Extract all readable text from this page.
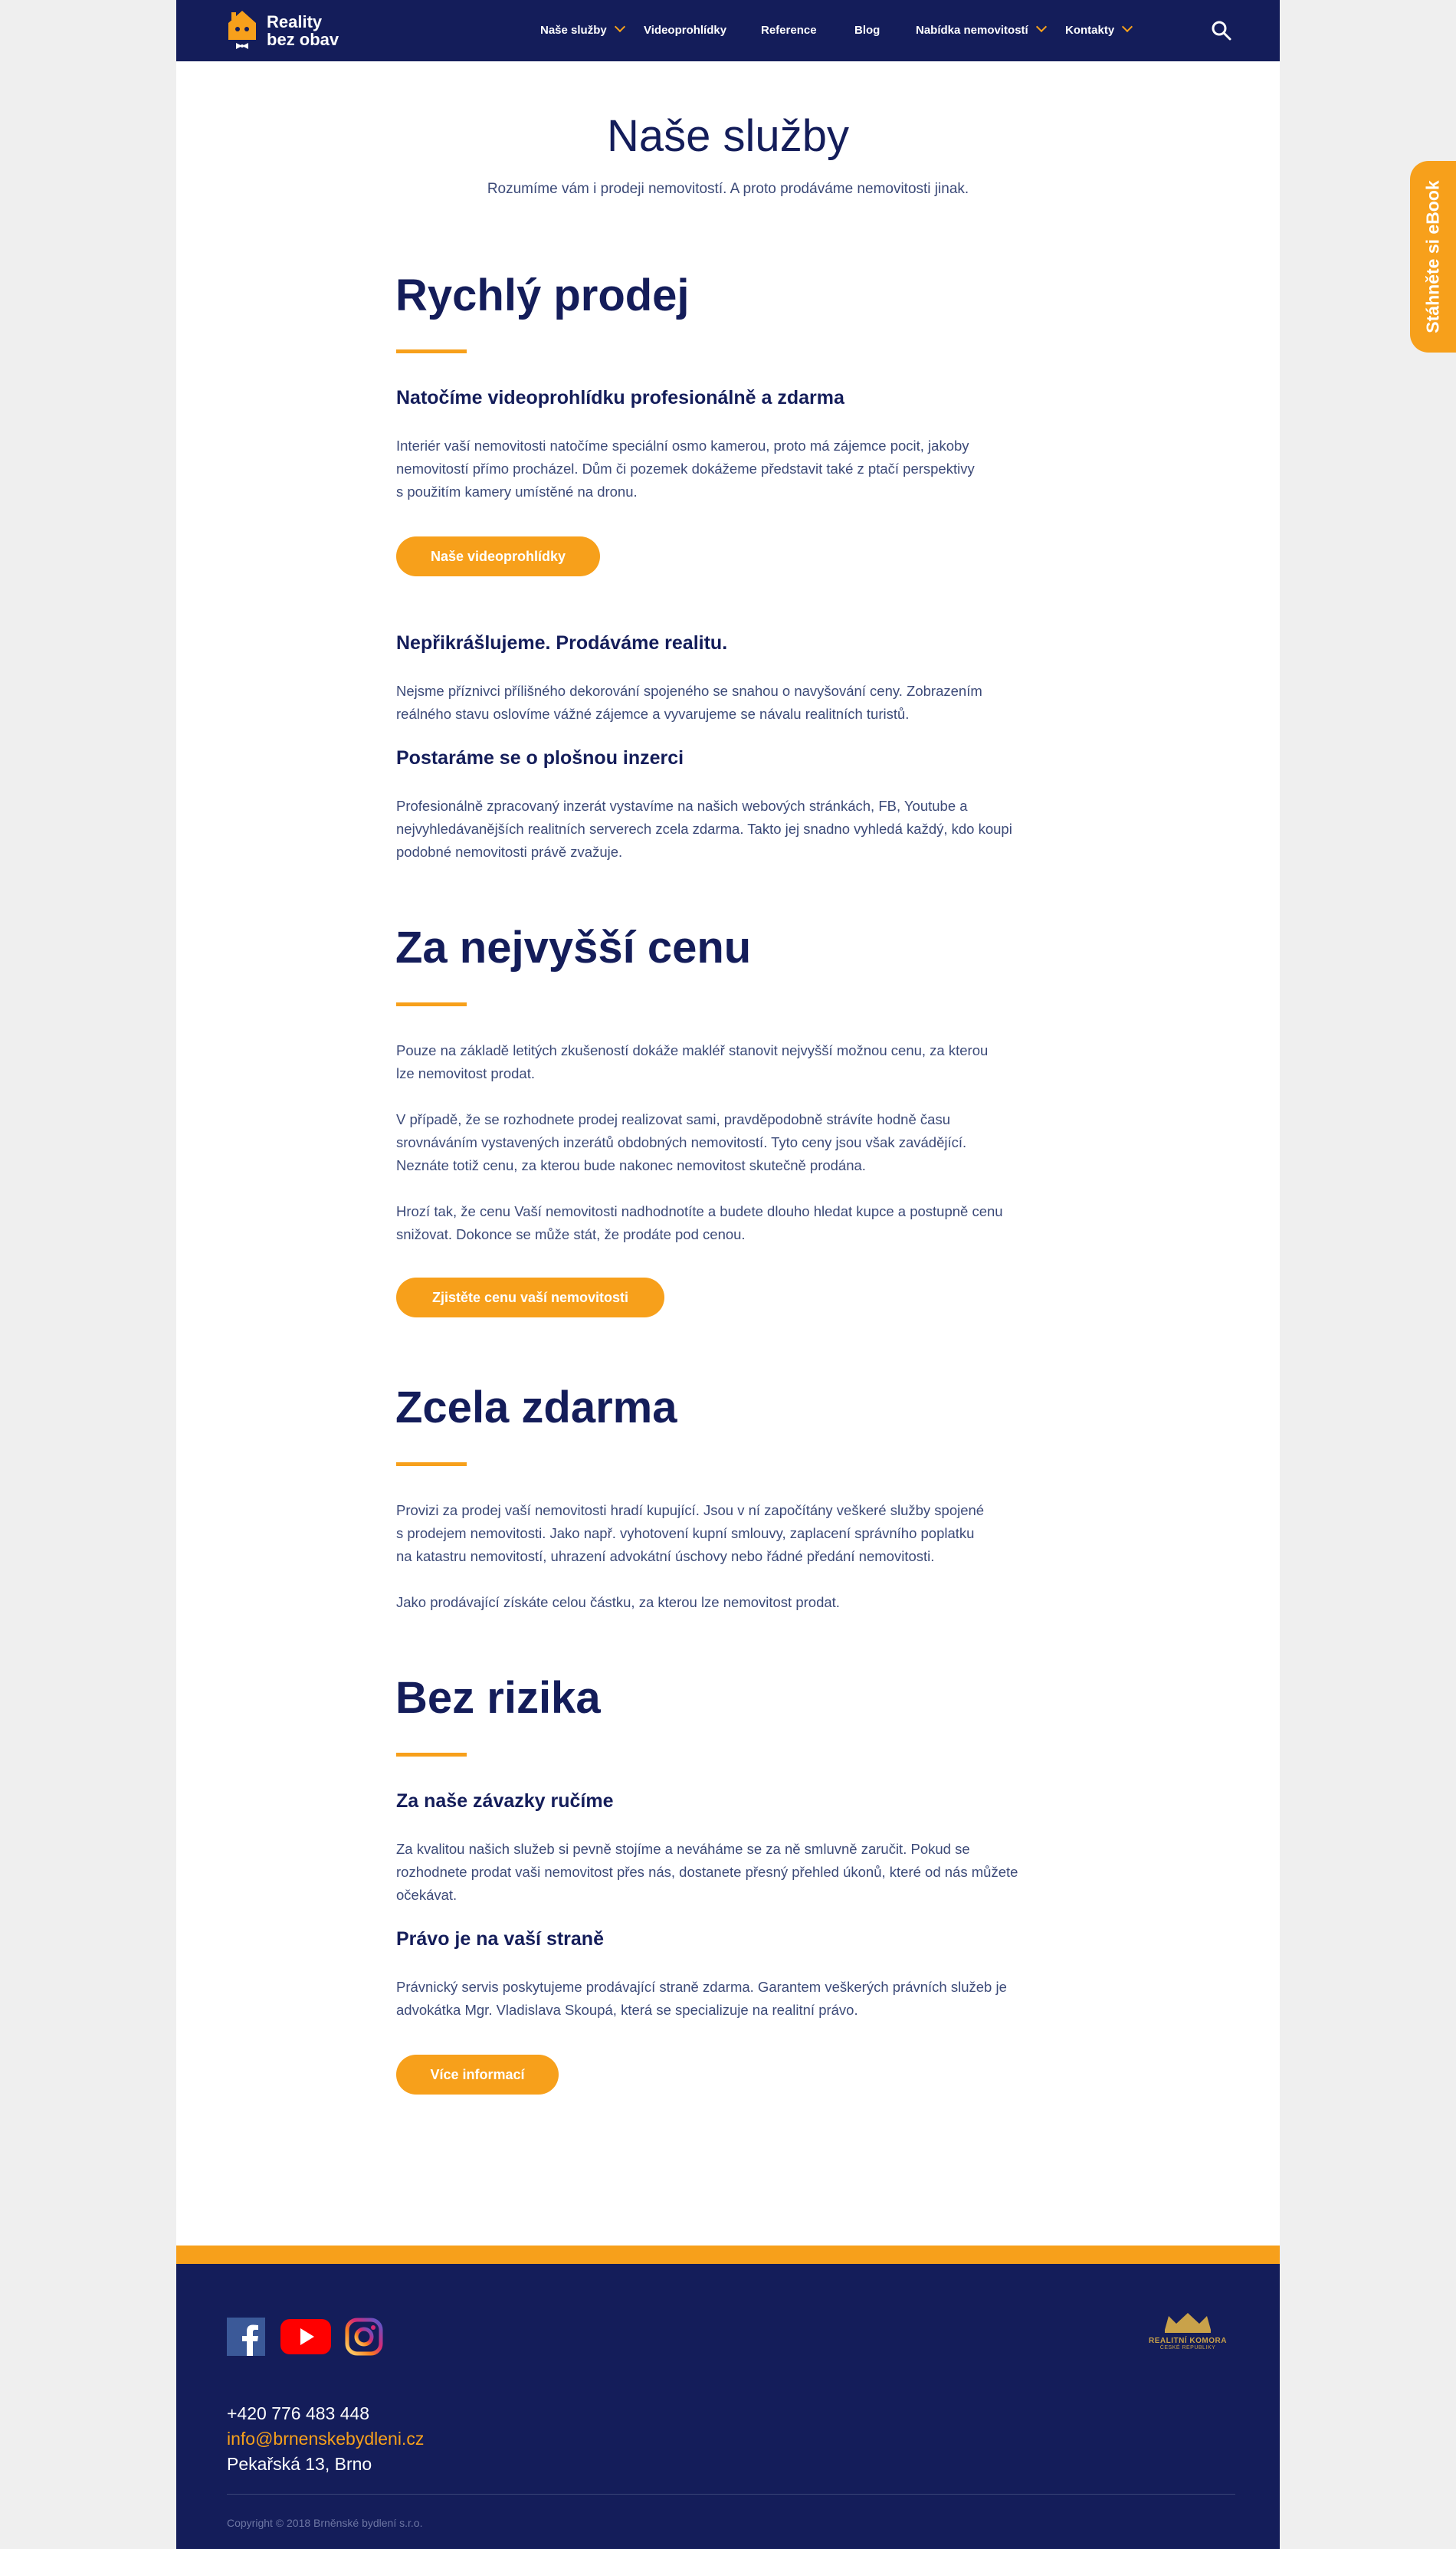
Reality
bez obav	Naše služby	Videoprohlídky	Reference	Blog	Nabídka nemovitostí	Kontakty
Naše služby

Rozumíme vám i prodeji nemovitostí. A proto prodáváme nemovitosti jinak.

Rychlý prodej
Natočíme videoprohlídku profesionálně a zdarma
Interiér vaší nemovitosti natočíme speciální osmo kamerou, proto má zájemce pocit, jakoby
nemovitostí přímo procházel. Dům či pozemek dokážeme představit také z ptačí perspektivy
s použitím kamery umístěné na dronu.
Naše videoprohlídky
Nepřikrášlujeme. Prodáváme realitu.
Nejsme příznivci přílišného dekorování spojeného se snahou o navyšování ceny. Zobrazením
reálného stavu oslovíme vážné zájemce a vyvarujeme se návalu realitních turistů.
Postaráme se o plošnou inzerci
Profesionálně zpracovaný inzerát vystavíme na našich webových stránkách, FB, Youtube a
nejvyhledávanějších realitních serverech zcela zdarma. Takto jej snadno vyhledá každý, kdo koupi
podobné nemovitosti právě zvažuje.
Za nejvyšší cenu
Pouze na základě letitých zkušeností dokáže makléř stanovit nejvyšší možnou cenu, za kterou
lze nemovitost prodat.
V případě, že se rozhodnete prodej realizovat sami, pravděpodobně strávíte hodně času
srovnáváním vystavených inzerátů obdobných nemovitostí. Tyto ceny jsou však zavádějící.
Neznáte totiž cenu, za kterou bude nakonec nemovitost skutečně prodána.
Hrozí tak, že cenu Vaší nemovitosti nadhodnotíte a budete dlouho hledat kupce a postupně cenu
snižovat. Dokonce se může stát, že prodáte pod cenou.
Zjistěte cenu vaší nemovitosti
Zcela zdarma
Provizi za prodej vaší nemovitosti hradí kupující. Jsou v ní započítány veškeré služby spojené
s prodejem nemovitosti. Jako např. vyhotovení kupní smlouvy, zaplacení správního poplatku
na katastru nemovitostí, uhrazení advokátní úschovy nebo řádné předání nemovitosti.
Jako prodávající získáte celou částku, za kterou lze nemovitost prodat.
Bez rizika
Za naše závazky ručíme
Za kvalitou našich služeb si pevně stojíme a neváháme se za ně smluvně zaručit. Pokud se
rozhodnete prodat vaši nemovitost přes nás, dostanete přesný přehled úkonů, které od nás můžete
očekávat.
Právo je na vaší straně
Právnický servis poskytujeme prodávající straně zdarma. Garantem veškerých právních služeb je
advokátka Mgr. Vladislava Skoupá, která se specializuje na realitní právo.
Více informací
REALITNÍ KOMORA
ČESKÉ REPUBLIKY
+420 776 483 448
info@brnenskebydleni.cz
Pekařská 13, Brno
Copyright © 2018 Brněnské bydlení s.r.o.
Stáhněte si eBook
